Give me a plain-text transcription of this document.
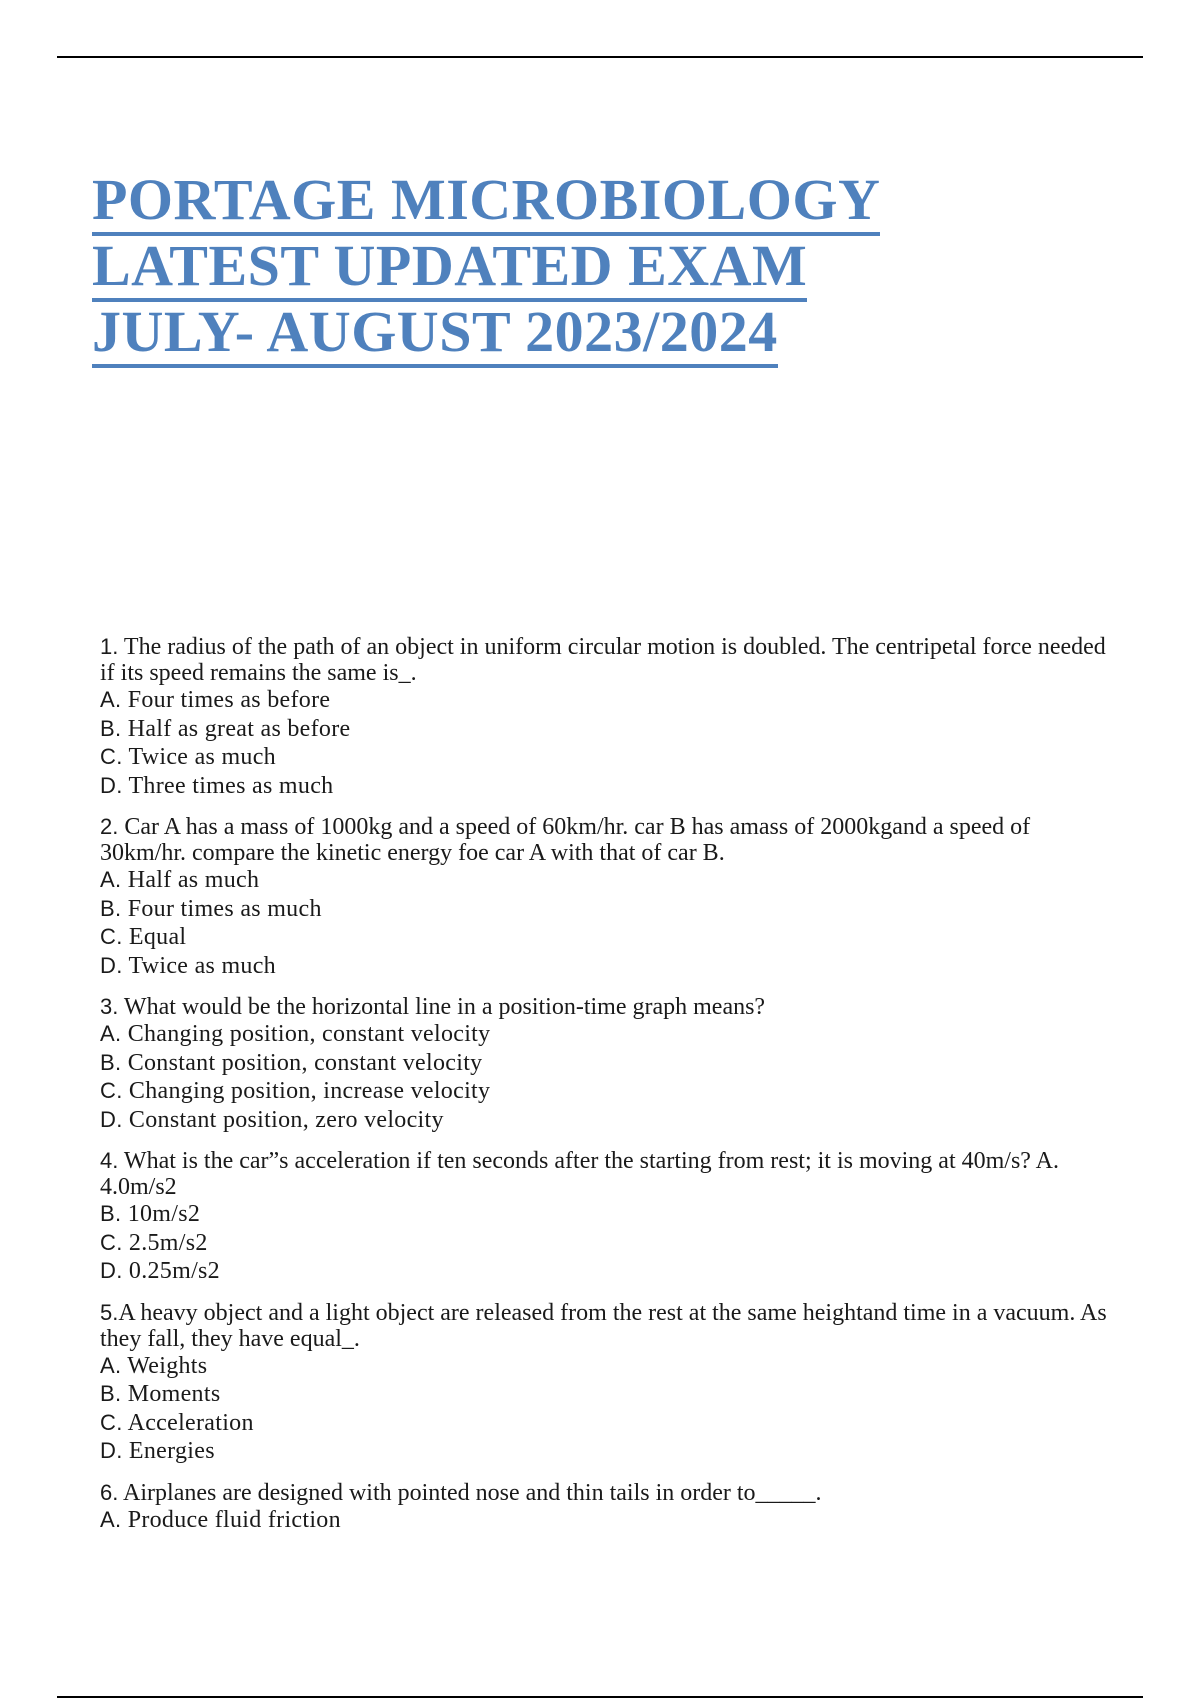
PORTAGE MICROBIOLOGY
LATEST UPDATED EXAM
JULY- AUGUST 2023/2024

1. The radius of the path of an object in uniform circular motion is doubled. The centripetal force needed if its speed remains the same is_.

A. Four times as before

B. Half as great as before

C. Twice as much

D. Three times as much

2. Car A has a mass of 1000kg and a speed of 60km/hr. car B has amass of 2000kgand a speed of 30km/hr. compare the kinetic energy foe car A with that of car B.

A. Half as much

B. Four times as much

C. Equal

D. Twice as much

3. What would be the horizontal line in a position-time graph means?

A. Changing position, constant velocity

B. Constant position, constant velocity

C. Changing position, increase velocity

D. Constant position, zero velocity

4. What is the car”s acceleration if ten seconds after the starting from rest; it is moving at 40m/s? A. 4.0m/s2

B. 10m/s2

C. 2.5m/s2

D. 0.25m/s2

5.A heavy object and a light object are released from the rest at the same heightand time in a vacuum. As they fall, they have equal_.

A. Weights

B. Moments

C. Acceleration

D. Energies

6. Airplanes are designed with pointed nose and thin tails in order to_____.

A. Produce fluid friction
